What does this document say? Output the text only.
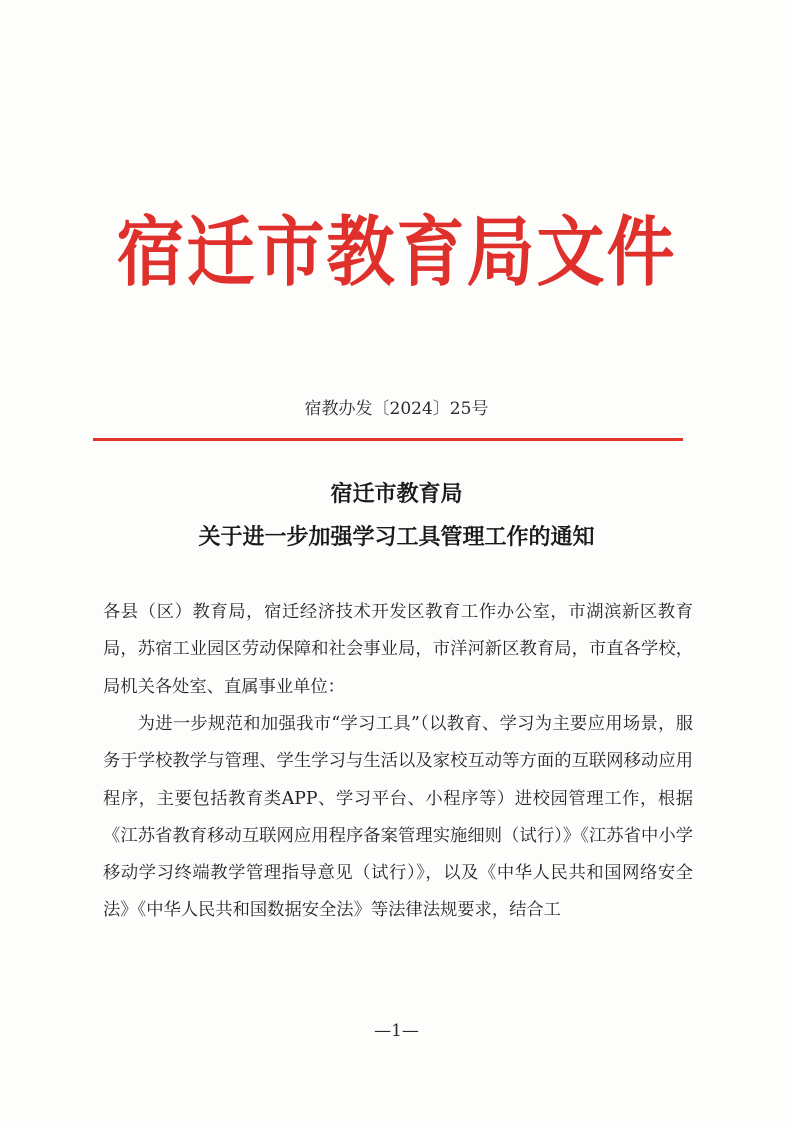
宿迁市教育局文件
宿教办发〔2024〕25号
宿迁市教育局
关于进一步加强学习工具管理工作的通知

各县（区）教育局，宿迁经济技术开发区教育工作办公室，市湖滨新区教育局，苏宿工业园区劳动保障和社会事业局，市洋河新区教育局，市直各学校，局机关各处室、直属事业单位：

为进一步规范和加强我市“学习工具”（以教育、学习为主要应用场景，服务于学校教学与管理、学生学习与生活以及家校互动等方面的互联网移动应用程序，主要包括教育类APP、学习平台、小程序等）进校园管理工作，根据《江苏省教育移动互联网应用程序备案管理实施细则（试行）》《江苏省中小学移动学习终端教学管理指导意见（试行）》，以及《中华人民共和国网络安全法》《中华人民共和国数据安全法》等法律法规要求，结合工

—1—
